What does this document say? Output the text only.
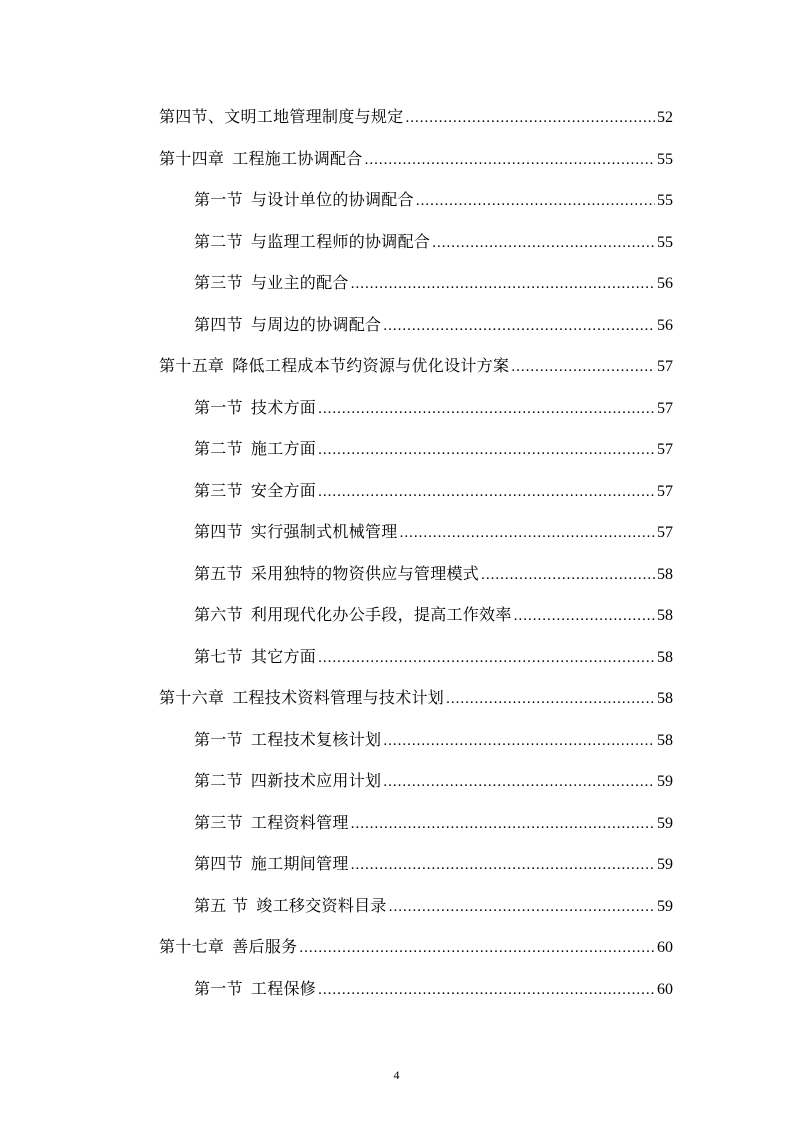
第四节、文明工地管理制度与规定 .....	52
第十四章 工程施工协调配合 .....	55
第一节 与设计单位的协调配合 .....	55
第二节 与监理工程师的协调配合 .....	55
第三节 与业主的配合 .....	56
第四节 与周边的协调配合 .....	56
第十五章 降低工程成本节约资源与优化设计方案 .....	57
第一节 技术方面 .....	57
第二节 施工方面 .....	57
第三节 安全方面 .....	57
第四节 实行强制式机械管理 .....	57
第五节 采用独特的物资供应与管理模式 .....	58
第六节 利用现代化办公手段，提高工作效率 .....	58
第七节 其它方面 .....	58
第十六章 工程技术资料管理与技术计划 .....	58
第一节 工程技术复核计划 .....	58
第二节 四新技术应用计划 .....	59
第三节 工程资料管理 .....	59
第四节 施工期间管理 .....	59
第五 节 竣工移交资料目录 .....	59
第十七章 善后服务 .....	60
第一节 工程保修 .....	60
4
